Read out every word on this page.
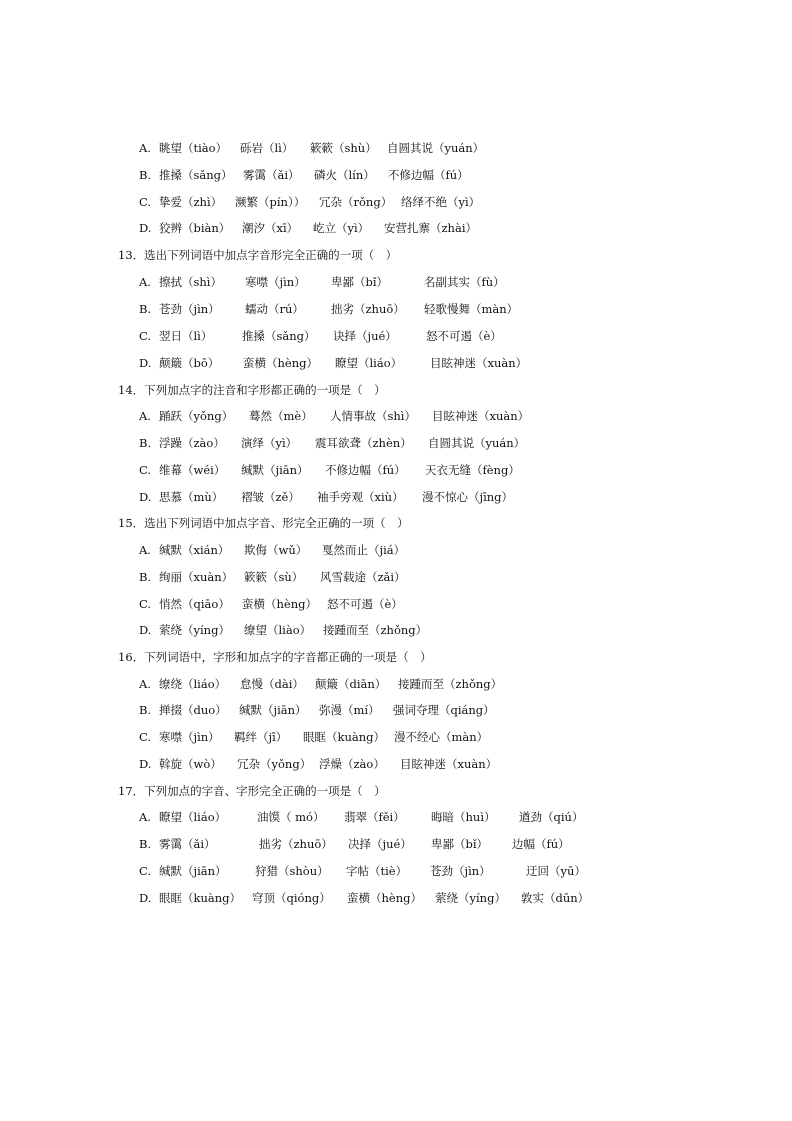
A. 眺望（tiào） 砾岩（lì） 簌簌（shù） 自圆其说（yuán）
B. 推搡（sǎng） 雾霭（ǎi） 磷火（lín） 不修边幅（fú）
C. 挚爱（zhì） 濒繁（pín）） 冗杂（rǒng） 络绎不绝（yì）
D. 狡辨（biàn） 潮汐（xī） 屹立（yì） 安营扎寨（zhài）
13．选出下列词语中加点字音形完全正确的一项（　）
A. 擦拭（shì） 寒噤（jìn） 卑鄙（bǐ）	名副其实（fù）
B. 苍劲（jìn） 蠕动（rú） 拙劣（zhuō） 轻歌慢舞（màn）
C. 翌日（lì）	推搡（sǎng） 诀择（jué）	怒不可遏（è）
D. 颠簸（bō） 蛮横（hèng） 瞭望（liáo） 目眩神迷（xuàn）
14．下列加点字的注音和字形都正确的一项是（　）
A. 踊跃（yǒng） 蓦然（mè） 人情事故（shì） 目眩神迷（xuàn）
B. 浮躁（zào） 演绎（yì） 震耳欲聋（zhèn） 自圆其说（yuán）
C. 维幕（wéi） 缄默（jiān） 不修边幅（fú） 天衣无缝（fèng）
D. 思慕（mù） 褶皱（zě） 袖手旁观（xiù） 漫不惊心（jīng）
15．选出下列词语中加点字音、形完全正确的一项（　）
A. 缄默（xián） 欺侮（wǔ） 戛然而止（jiá）
B. 绚丽（xuàn） 簌簌（sù） 风雪载途（zǎi）
C. 悄然（qiāo） 蛮横（hèng） 怒不可遏（è）
D. 萦绕（yíng） 缭望（liào） 接踵而至（zhǒng）
16．下列词语中，字形和加点字的字音都正确的一项是（　）
A. 缭绕（liáo） 怠慢（dài） 颠簸（diān） 接踵而至（zhǒng）
B. 掸掇（duo） 缄默（jiān） 弥漫（mí） 强词夺理（qiáng）
C. 寒噤（jìn） 羁绊（jī） 眼眶（kuàng） 漫不经心（màn）
D. 斡旋（wò） 冗杂（yǒng） 浮燥（zào） 目眩神迷（xuàn）
17．下列加点的字音、字形完全正确的一项是（　）
A. 瞭望（liáo）	油馍（ mó） 翡翠（fěi） 晦暗（huì） 遒劲（qiú）
B. 雾霭（ǎi）	拙劣（zhuō） 决择（jué） 卑鄙（bǐ） 边幅（fú）
C. 缄默（jiān） 狩猎（shòu） 字帖（tiè） 苍劲（jìn）	迂回（yū）
D. 眼眶（kuàng） 穹顶（qióng） 蛮横（hèng） 萦绕（yíng） 敦实（dūn）
